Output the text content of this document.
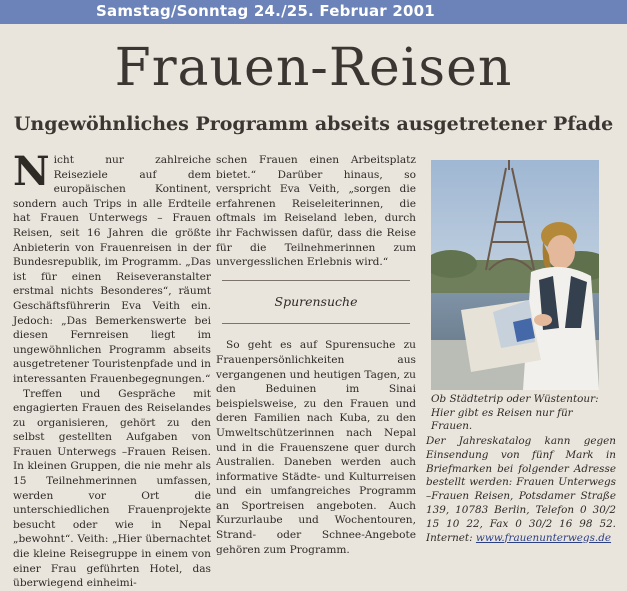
Samstag/Sonntag 24./25. Februar 2001
Frauen-Reisen
Ungewöhnliches Programm abseits ausgetretener Pfade

Nicht nur zahlreiche Reiseziele auf dem europäischen Kontinent, sondern auch Trips in alle Erdteile hat Frauen Unterwegs – Frauen Reisen, seit 16 Jahren die größte Anbieterin von Frauenreisen in der Bundesrepublik, im Programm. „Das ist für einen Reiseveranstalter erstmal nichts Besonderes“, räumt Geschäftsführerin Eva Veith ein. Jedoch: „Das Bemerkenswerte bei diesen Fernreisen liegt im ungewöhnlichen Programm abseits ausgetretener Touristenpfade und in interessanten Frauenbegegnungen.“

Treffen und Gespräche mit engagierten Frauen des Reiselandes zu organisieren, gehört zu den selbst gestellten Aufgaben von Frauen Unterwegs –Frauen Reisen. In kleinen Gruppen, die nie mehr als 15 Teilnehmerinnen umfassen, werden vor Ort die unterschiedlichen Frauenprojekte besucht oder wie in Nepal „bewohnt“. Veith: „Hier übernachtet die kleine Reisegruppe in einem von einer Frau geführten Hotel, das überwiegend einheimi-

schen Frauen einen Arbeitsplatz bietet.“ Darüber hinaus, so verspricht Eva Veith, „sorgen die erfahrenen Reiseleiterinnen, die oftmals im Reiseland leben, durch ihr Fachwissen dafür, dass die Reise für die Teilnehmerinnen zum unvergesslichen Erlebnis wird.“

Spurensuche

So geht es auf Spurensuche zu Frauenpersönlichkeiten aus vergangenen und heutigen Tagen, zu den Beduinen im Sinai beispielsweise, zu den Frauen und deren Familien nach Kuba, zu den Umweltschützerinnen nach Nepal und in die Frauenszene quer durch Australien. Daneben werden auch informative Städte- und Kulturreisen und ein umfangreiches Programm an Sportreisen angeboten. Auch Kurzurlaube und Wochentouren, Strand- oder Schnee-Angebote gehören zum Programm.

Ob Städtetrip oder Wüstentour: Hier gibt es Reisen nur für Frauen.
Der Jahreskatalog kann gegen Einsendung von fünf Mark in Briefmarken bei folgender Adresse bestellt werden: Frauen Unterwegs –Frauen Reisen, Potsdamer Straße 139, 10783 Berlin, Telefon 0 30/2 15 10 22, Fax 0 30/2 16 98 52. Internet: www.frauenunterwegs.de
